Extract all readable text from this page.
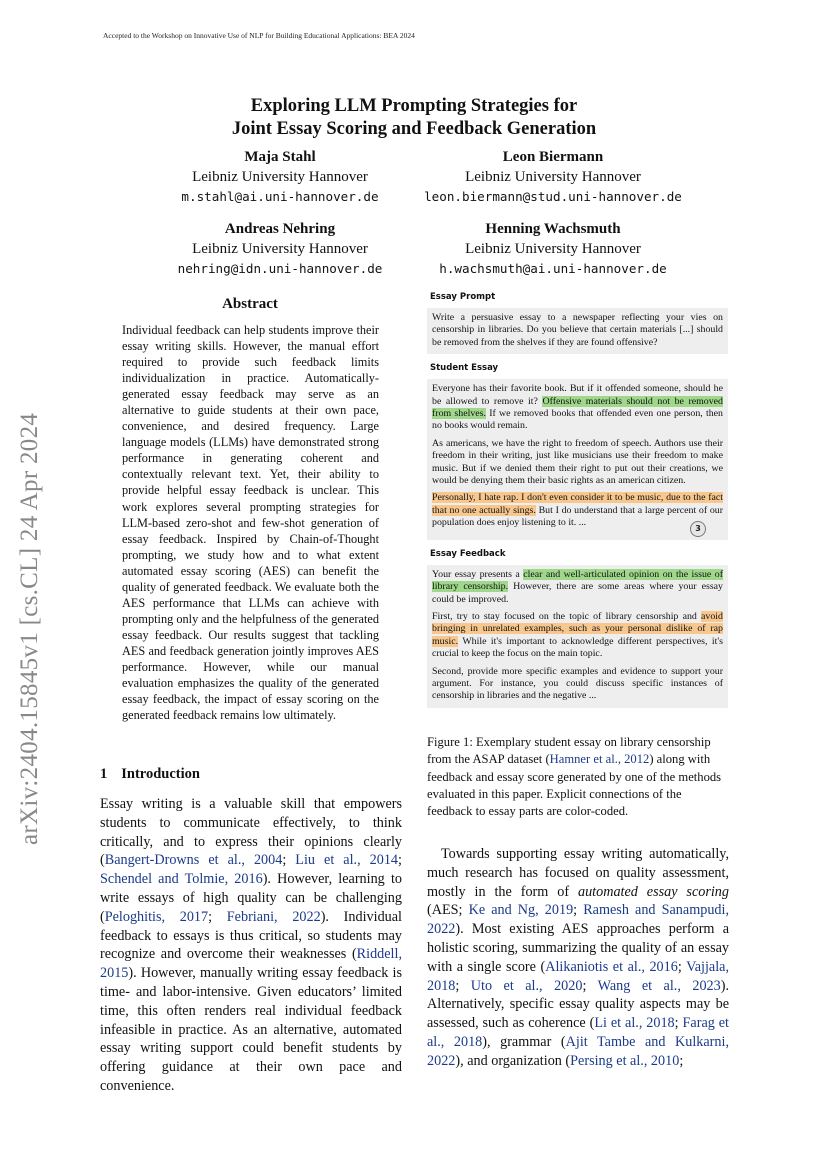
Accepted to the Workshop on Innovative Use of NLP for Building Educational Applications: BEA 2024
arXiv:2404.15845v1 [cs.CL] 24 Apr 2024
Exploring LLM Prompting Strategies for
Joint Essay Scoring and Feedback Generation
Maja Stahl
Leibniz University Hannover
m.stahl@ai.uni-hannover.de
Leon Biermann
Leibniz University Hannover
leon.biermann@stud.uni-hannover.de
Andreas Nehring
Leibniz University Hannover
nehring@idn.uni-hannover.de
Henning Wachsmuth
Leibniz University Hannover
h.wachsmuth@ai.uni-hannover.de
Abstract
Individual feedback can help students improve their essay writing skills. However, the manual effort required to provide such feedback limits individualization in practice. Automatically-generated essay feedback may serve as an alternative to guide students at their own pace, convenience, and desired frequency. Large language models (LLMs) have demonstrated strong performance in generating coherent and contextually relevant text. Yet, their ability to provide helpful essay feedback is unclear. This work explores several prompting strategies for LLM-based zero-shot and few-shot generation of essay feedback. Inspired by Chain-of-Thought prompting, we study how and to what extent automated essay scoring (AES) can benefit the quality of generated feedback. We evaluate both the AES performance that LLMs can achieve with prompting only and the helpfulness of the generated essay feedback. Our results suggest that tackling AES and feedback generation jointly improves AES performance. However, while our manual evaluation emphasizes the quality of the generated essay feedback, the impact of essay scoring on the generated feedback remains low ultimately.
1 Introduction
Essay writing is a valuable skill that empowers students to communicate effectively, to think critically, and to express their opinions clearly (Bangert-Drowns et al., 2004; Liu et al., 2014; Schendel and Tolmie, 2016). However, learning to write essays of high quality can be challenging (Peloghitis, 2017; Febriani, 2022). Individual feedback to essays is thus critical, so students may recognize and overcome their weaknesses (Riddell, 2015). However, manually writing essay feedback is time- and labor-intensive. Given educators’ limited time, this often renders real individual feedback infeasible in practice. As an alternative, automated essay writing support could benefit students by offering guidance at their own pace and convenience.
Essay Prompt

Write a persuasive essay to a newspaper reflecting your vies on censorship in libraries. Do you believe that certain materials [...] should be removed from the shelves if they are found offensive?

Student Essay

Everyone has their favorite book. But if it offended someone, should he be allowed to remove it? Offensive materials should not be removed from shelves. If we removed books that offended even one person, then no books would remain.

As americans, we have the right to freedom of speech. Authors use their freedom in their writing, just like musicians use their freedom to make music. But if we denied them their right to put out their creations, we would be denying them their basic rights as an american citizen.

Personally, I hate rap. I don't even consider it to be music, due to the fact that no one actually sings. But I do understand that a large percent of our population does enjoy listening to it. ...	3
Essay Feedback

Your essay presents a clear and well-articulated opinion on the issue of library censorship. However, there are some areas where your essay could be improved.

First, try to stay focused on the topic of library censorship and avoid bringing in unrelated examples, such as your personal dislike of rap music. While it's important to acknowledge different perspectives, it's crucial to keep the focus on the main topic.

Second, provide more specific examples and evidence to support your argument. For instance, you could discuss specific instances of censorship in libraries and the negative ...

Figure 1: Exemplary student essay on library censorship from the ASAP dataset (Hamner et al., 2012) along with feedback and essay score generated by one of the methods evaluated in this paper. Explicit connections of the feedback to essay parts are color-coded.
Towards supporting essay writing automatically, much research has focused on quality assessment, mostly in the form of automated essay scoring (AES; Ke and Ng, 2019; Ramesh and Sanampudi, 2022). Most existing AES approaches perform a holistic scoring, summarizing the quality of an essay with a single score (Alikaniotis et al., 2016; Vajjala, 2018; Uto et al., 2020; Wang et al., 2023). Alternatively, specific essay quality aspects may be assessed, such as coherence (Li et al., 2018; Farag et al., 2018), grammar (Ajit Tambe and Kulkarni, 2022), and organization (Persing et al., 2010;
